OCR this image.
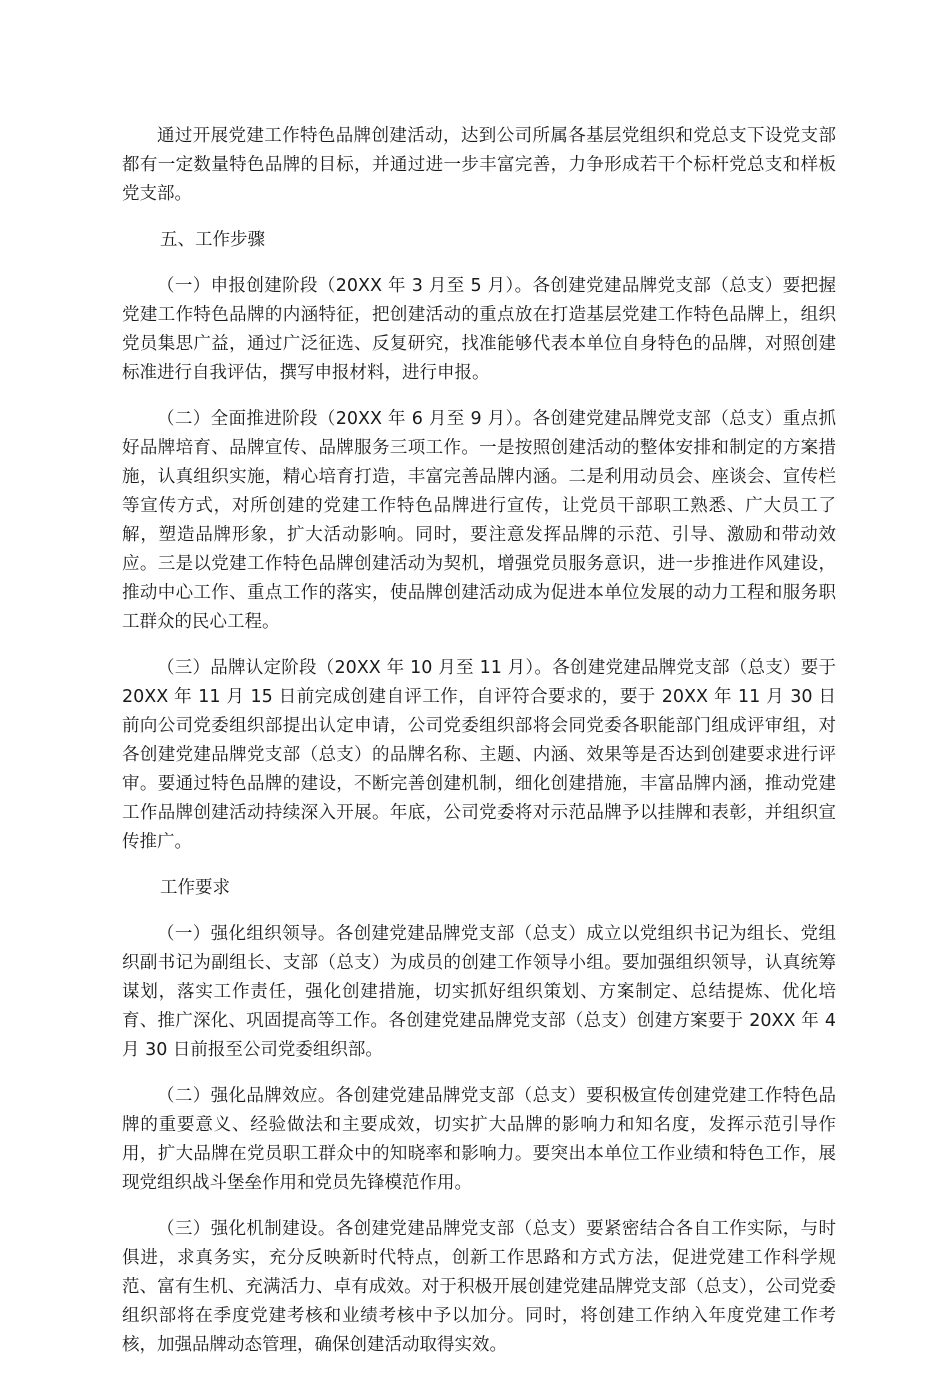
通过开展党建工作特色品牌创建活动，达到公司所属各基层党组织和党总支下设党支部都有一定数量特色品牌的目标，并通过进一步丰富完善，力争形成若干个标杆党总支和样板党支部。

五、工作步骤

（一）申报创建阶段（20XX 年 3 月至 5 月）。各创建党建品牌党支部（总支）要把握党建工作特色品牌的内涵特征，把创建活动的重点放在打造基层党建工作特色品牌上，组织党员集思广益，通过广泛征选、反复研究，找准能够代表本单位自身特色的品牌，对照创建标准进行自我评估，撰写申报材料，进行申报。

（二）全面推进阶段（20XX 年 6 月至 9 月）。各创建党建品牌党支部（总支）重点抓好品牌培育、品牌宣传、品牌服务三项工作。一是按照创建活动的整体安排和制定的方案措施，认真组织实施，精心培育打造，丰富完善品牌内涵。二是利用动员会、座谈会、宣传栏等宣传方式，对所创建的党建工作特色品牌进行宣传，让党员干部职工熟悉、广大员工了解，塑造品牌形象，扩大活动影响。同时，要注意发挥品牌的示范、引导、激励和带动效应。三是以党建工作特色品牌创建活动为契机，增强党员服务意识，进一步推进作风建设，推动中心工作、重点工作的落实，使品牌创建活动成为促进本单位发展的动力工程和服务职工群众的民心工程。

（三）品牌认定阶段（20XX 年 10 月至 11 月）。各创建党建品牌党支部（总支）要于 20XX 年 11 月 15 日前完成创建自评工作，自评符合要求的，要于 20XX 年 11 月 30 日前向公司党委组织部提出认定申请，公司党委组织部将会同党委各职能部门组成评审组，对各创建党建品牌党支部（总支）的品牌名称、主题、内涵、效果等是否达到创建要求进行评审。要通过特色品牌的建设，不断完善创建机制，细化创建措施，丰富品牌内涵，推动党建工作品牌创建活动持续深入开展。年底，公司党委将对示范品牌予以挂牌和表彰，并组织宣传推广。

工作要求

（一）强化组织领导。各创建党建品牌党支部（总支）成立以党组织书记为组长、党组织副书记为副组长、支部（总支）为成员的创建工作领导小组。要加强组织领导，认真统筹谋划，落实工作责任，强化创建措施，切实抓好组织策划、方案制定、总结提炼、优化培育、推广深化、巩固提高等工作。各创建党建品牌党支部（总支）创建方案要于 20XX 年 4 月 30 日前报至公司党委组织部。

（二）强化品牌效应。各创建党建品牌党支部（总支）要积极宣传创建党建工作特色品牌的重要意义、经验做法和主要成效，切实扩大品牌的影响力和知名度，发挥示范引导作用，扩大品牌在党员职工群众中的知晓率和影响力。要突出本单位工作业绩和特色工作，展现党组织战斗堡垒作用和党员先锋模范作用。

（三）强化机制建设。各创建党建品牌党支部（总支）要紧密结合各自工作实际，与时俱进，求真务实，充分反映新时代特点，创新工作思路和方式方法，促进党建工作科学规范、富有生机、充满活力、卓有成效。对于积极开展创建党建品牌党支部（总支），公司党委组织部将在季度党建考核和业绩考核中予以加分。同时，将创建工作纳入年度党建工作考核，加强品牌动态管理，确保创建活动取得实效。
